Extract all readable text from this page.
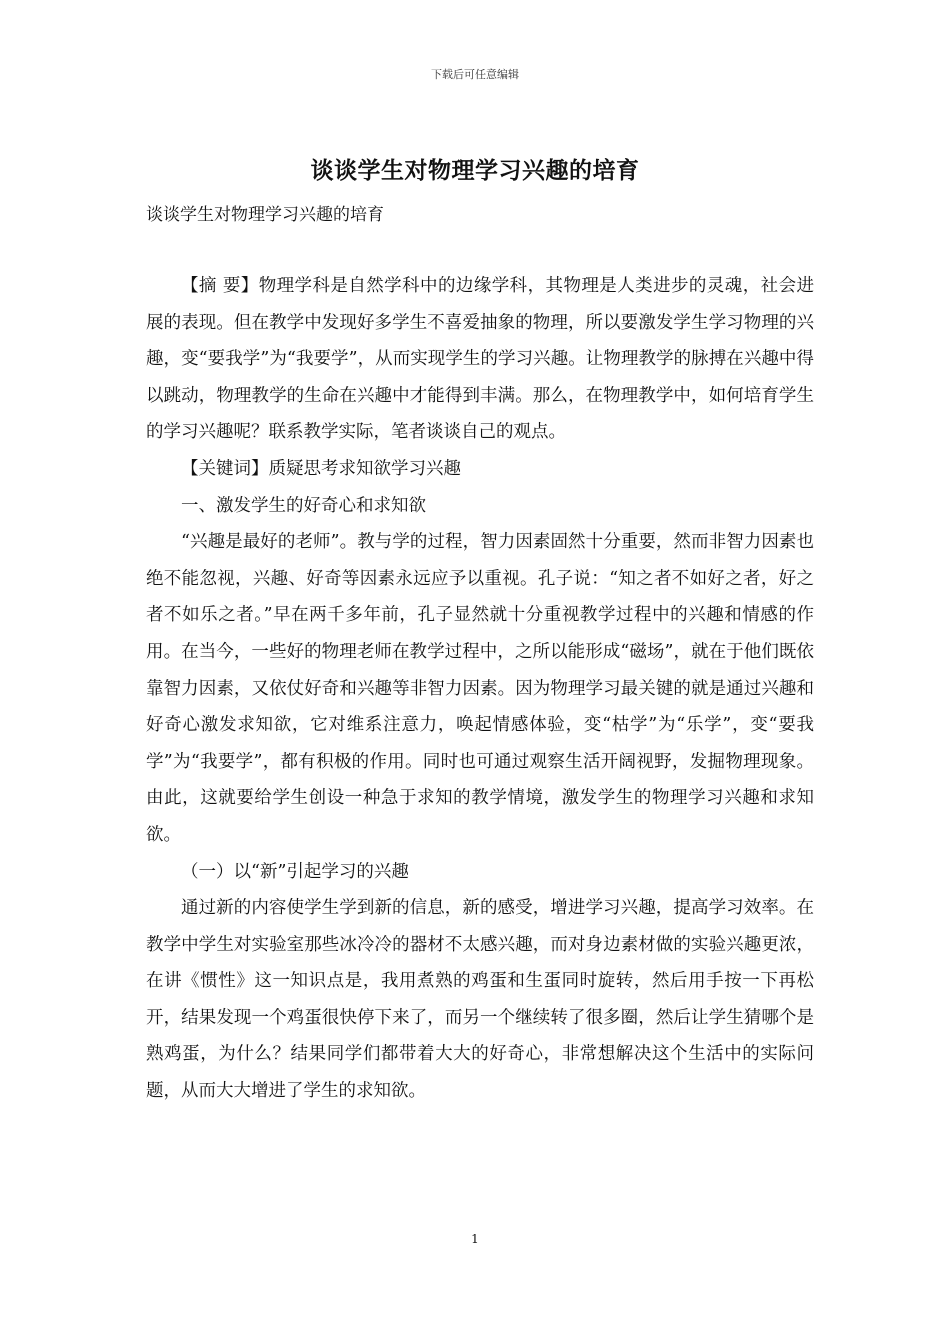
下载后可任意编辑
谈谈学生对物理学习兴趣的培育
谈谈学生对物理学习兴趣的培育

【摘 要】物理学科是自然学科中的边缘学科，其物理是人类进步的灵魂，社会进展的表现。但在教学中发现好多学生不喜爱抽象的物理，所以要激发学生学习物理的兴趣，变“要我学”为“我要学”，从而实现学生的学习兴趣。让物理教学的脉搏在兴趣中得以跳动，物理教学的生命在兴趣中才能得到丰满。那么，在物理教学中，如何培育学生的学习兴趣呢？联系教学实际，笔者谈谈自己的观点。

【关键词】质疑思考求知欲学习兴趣

一、激发学生的好奇心和求知欲

“兴趣是最好的老师”。教与学的过程，智力因素固然十分重要，然而非智力因素也绝不能忽视，兴趣、好奇等因素永远应予以重视。孔子说：“知之者不如好之者，好之者不如乐之者。”早在两千多年前，孔子显然就十分重视教学过程中的兴趣和情感的作用。在当今，一些好的物理老师在教学过程中，之所以能形成“磁场”，就在于他们既依靠智力因素，又依仗好奇和兴趣等非智力因素。因为物理学习最关键的就是通过兴趣和好奇心激发求知欲，它对维系注意力，唤起情感体验，变“枯学”为“乐学”，变“要我学”为“我要学”，都有积极的作用。同时也可通过观察生活开阔视野，发掘物理现象。由此，这就要给学生创设一种急于求知的教学情境，激发学生的物理学习兴趣和求知欲。

（一）以“新”引起学习的兴趣

通过新的内容使学生学到新的信息，新的感受，增进学习兴趣，提高学习效率。在教学中学生对实验室那些冰冷冷的器材不太感兴趣，而对身边素材做的实验兴趣更浓，在讲《惯性》这一知识点是，我用煮熟的鸡蛋和生蛋同时旋转，然后用手按一下再松开，结果发现一个鸡蛋很快停下来了，而另一个继续转了很多圈，然后让学生猜哪个是熟鸡蛋，为什么？结果同学们都带着大大的好奇心，非常想解决这个生活中的实际问题，从而大大增进了学生的求知欲。

1
